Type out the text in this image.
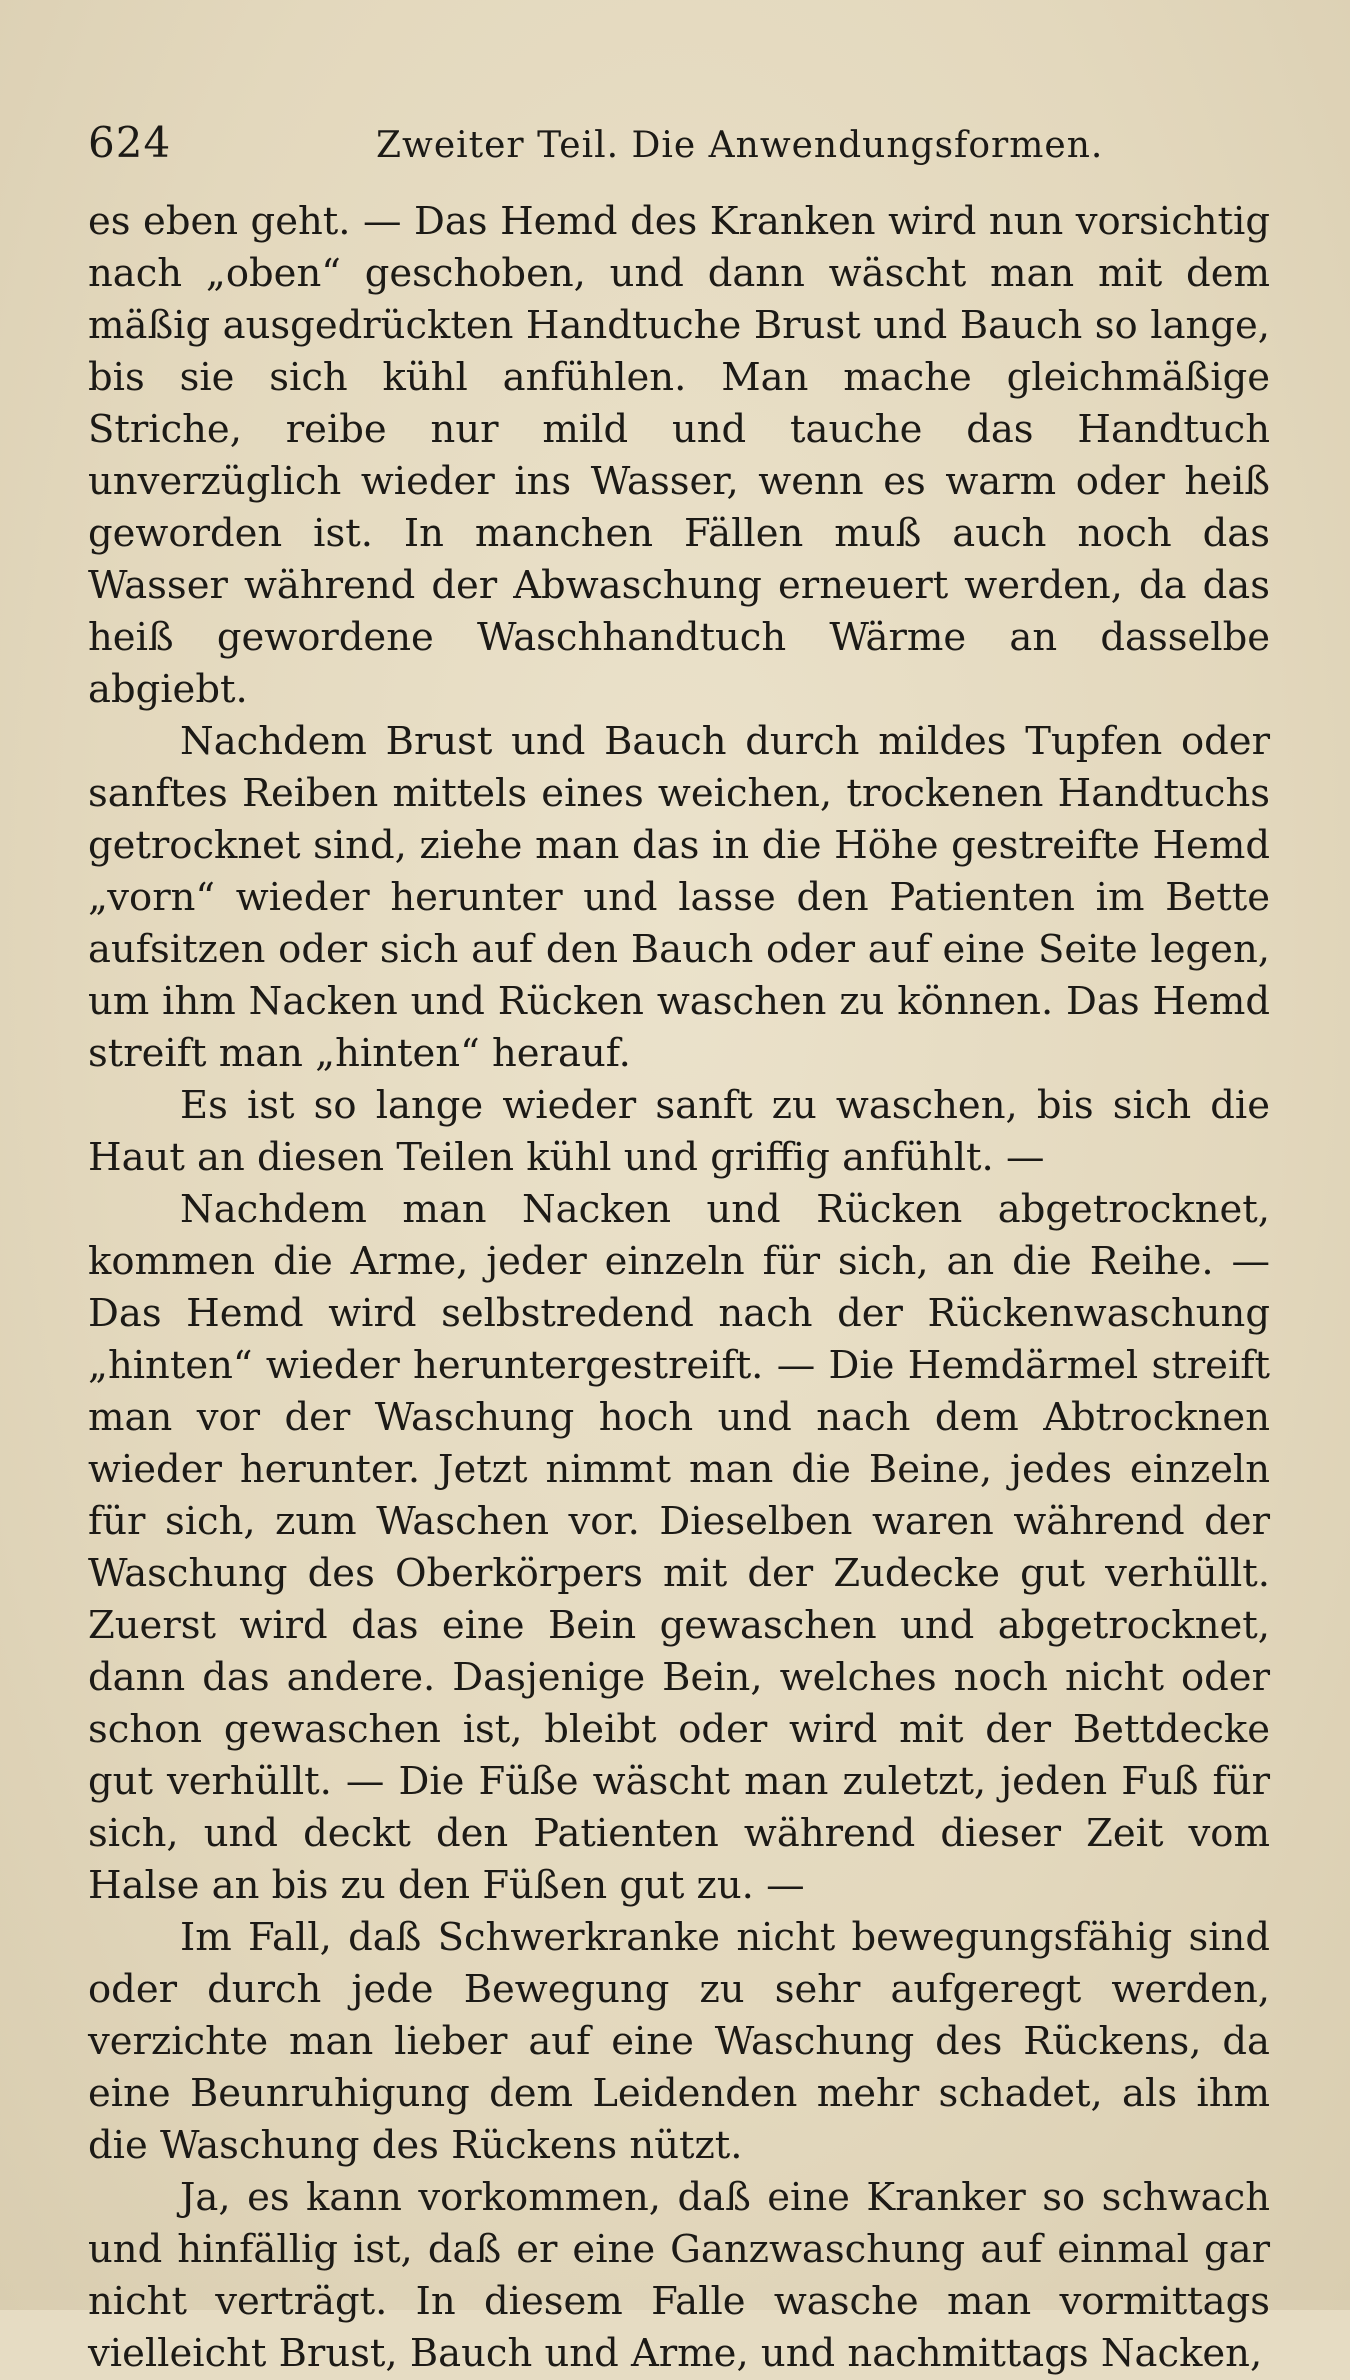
624	Zweiter Teil. Die Anwendungsformen.

es eben geht. — Das Hemd des Kranken wird nun vorsichtig nach „oben“ geschoben, und dann wäscht man mit dem mäßig ausgedrückten Handtuche Brust und Bauch so lange, bis sie sich kühl anfühlen. Man mache gleichmäßige Striche, reibe nur mild und tauche das Handtuch unverzüglich wieder ins Wasser, wenn es warm oder heiß geworden ist. In manchen Fällen muß auch noch das Wasser während der Abwaschung erneuert werden, da das heiß gewordene Waschhandtuch Wärme an dasselbe abgiebt.

Nachdem Brust und Bauch durch mildes Tupfen oder sanftes Reiben mittels eines weichen, trockenen Handtuchs getrocknet sind, ziehe man das in die Höhe gestreifte Hemd „vorn“ wieder herunter und lasse den Patienten im Bette aufsitzen oder sich auf den Bauch oder auf eine Seite legen, um ihm Nacken und Rücken waschen zu können. Das Hemd streift man „hinten“ herauf.

Es ist so lange wieder sanft zu waschen, bis sich die Haut an diesen Teilen kühl und griffig anfühlt. —

Nachdem man Nacken und Rücken abgetrocknet, kommen die Arme, jeder einzeln für sich, an die Reihe. — Das Hemd wird selbstredend nach der Rückenwaschung „hinten“ wieder heruntergestreift. — Die Hemdärmel streift man vor der Waschung hoch und nach dem Abtrocknen wieder herunter. Jetzt nimmt man die Beine, jedes einzeln für sich, zum Waschen vor. Dieselben waren während der Waschung des Oberkörpers mit der Zudecke gut verhüllt. Zuerst wird das eine Bein gewaschen und abgetrocknet, dann das andere. Dasjenige Bein, welches noch nicht oder schon gewaschen ist, bleibt oder wird mit der Bettdecke gut verhüllt. — Die Füße wäscht man zuletzt, jeden Fuß für sich, und deckt den Patienten während dieser Zeit vom Halse an bis zu den Füßen gut zu. —

Im Fall, daß Schwerkranke nicht bewegungsfähig sind oder durch jede Bewegung zu sehr aufgeregt werden, verzichte man lieber auf eine Waschung des Rückens, da eine Beunruhigung dem Leidenden mehr schadet, als ihm die Waschung des Rückens nützt.

Ja, es kann vorkommen, daß eine Kranker so schwach und hinfällig ist, daß er eine Ganzwaschung auf einmal gar nicht verträgt. In diesem Falle wasche man vormittags vielleicht Brust, Bauch und Arme, und nachmittags Nacken,
